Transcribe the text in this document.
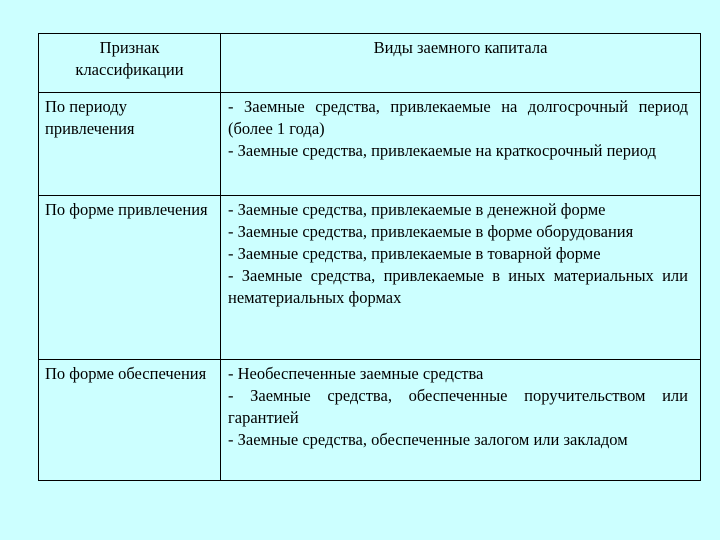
Признак классификации	Виды заемного капитала
По периоду привлечения	- Заемные средства, привлекаемые на долгосрочный период (более 1 года)
- Заемные средства, привлекаемые на краткосрочный период

По форме привлечения	- Заемные средства, привлекаемые в денежной форме
- Заемные средства, привлекаемые в форме оборудования
- Заемные средства, привлекаемые в товарной форме
- Заемные средства, привлекаемые в иных материальных или нематериальных формах

По форме обеспечения	- Необеспеченные заемные средства
- Заемные средства, обеспеченные поручительством или гарантией
- Заемные средства, обеспеченные залогом или закладом
